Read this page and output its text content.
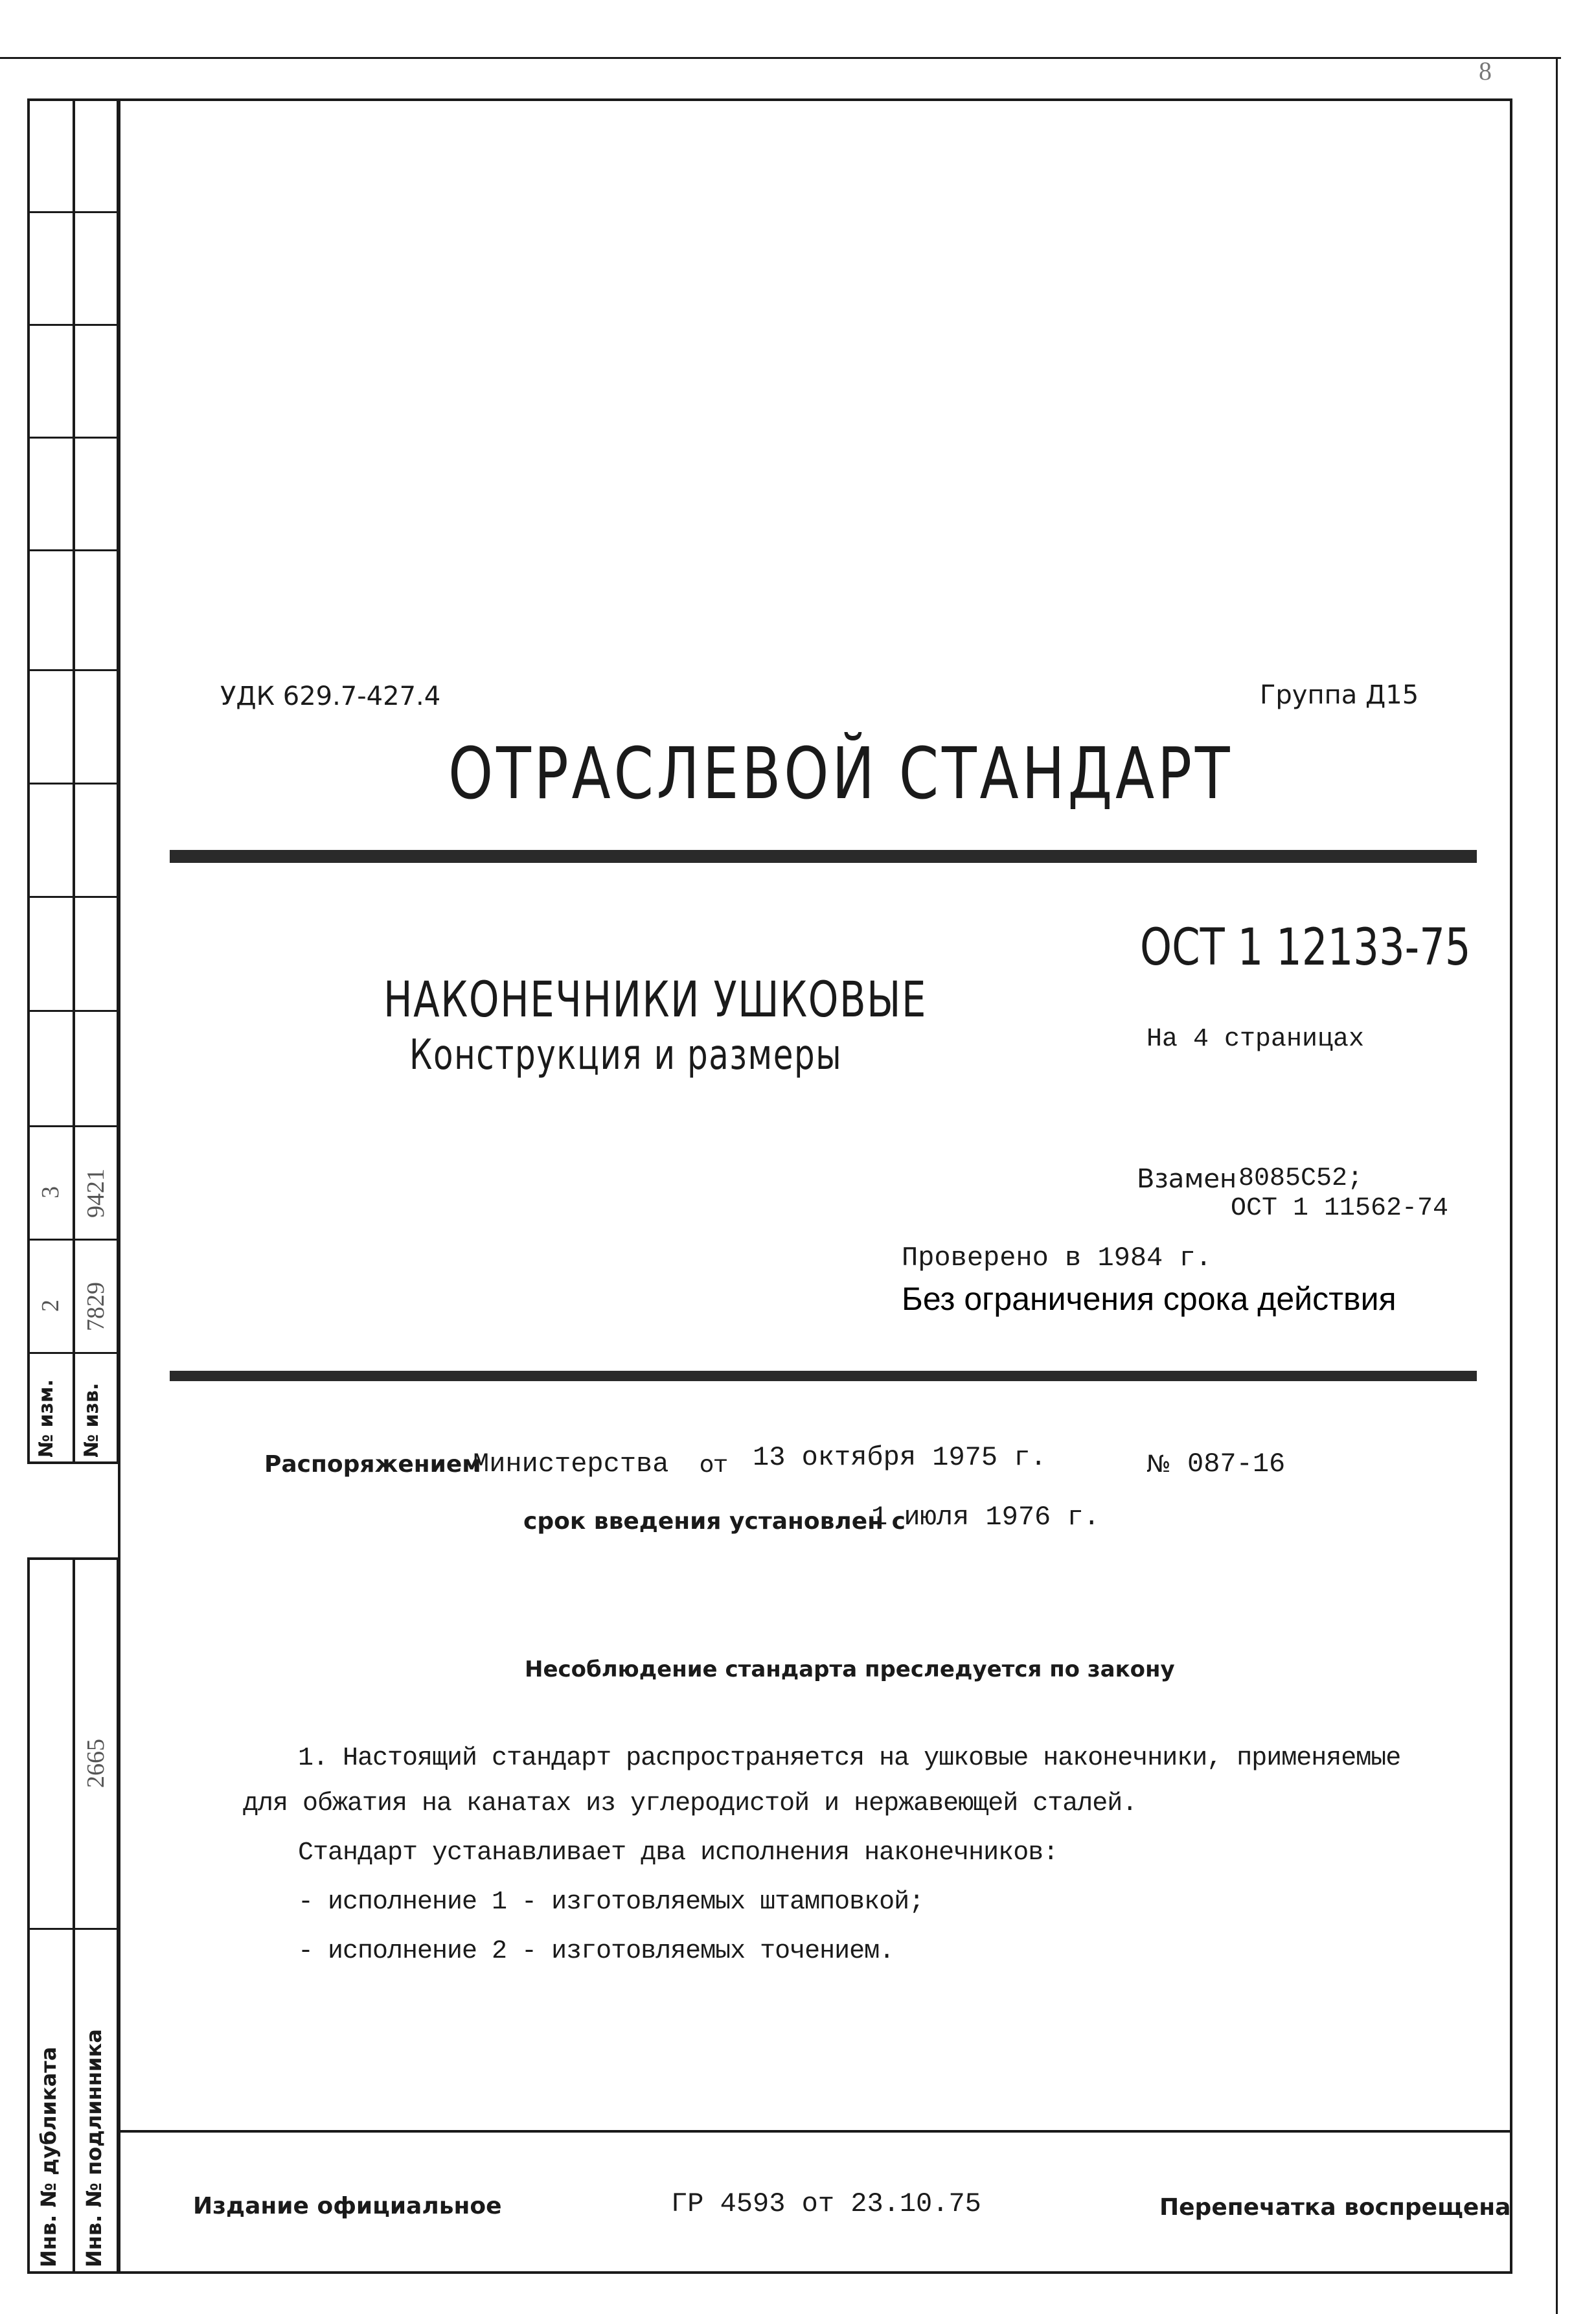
8
3 9421
2 7829
№ изм. № изв.
2665
Инв. № дубликата Инв. № подлинника
УДК 629.7-427.4	Группа Д15
ОТРАСЛЕВОЙ СТАНДАРТ
ОСТ 1 12133-75
НАКОНЕЧНИКИ УШКОВЫЕ
Конструкция и размеры	На 4 страницах
Взамен 8085С52;
ОСТ 1 11562-74
Проверено в 1984 г.
Без ограничения срока действия
Распоряжением
Министерства от 13 октября 1975 г.	№ 087-16
срок введения установлен с
1 июля 1976 г.
Несоблюдение стандарта преследуется по закону
1. Настоящий стандарт распространяется на ушковые наконечники, применяемые
для обжатия на канатах из углеродистой и нержавеющей сталей.
Стандарт устанавливает два исполнения наконечников:
- исполнение 1 - изготовляемых штамповкой;
- исполнение 2 - изготовляемых точением.
Издание официальное	ГР 4593 от 23.10.75	Перепечатка воспрещена
